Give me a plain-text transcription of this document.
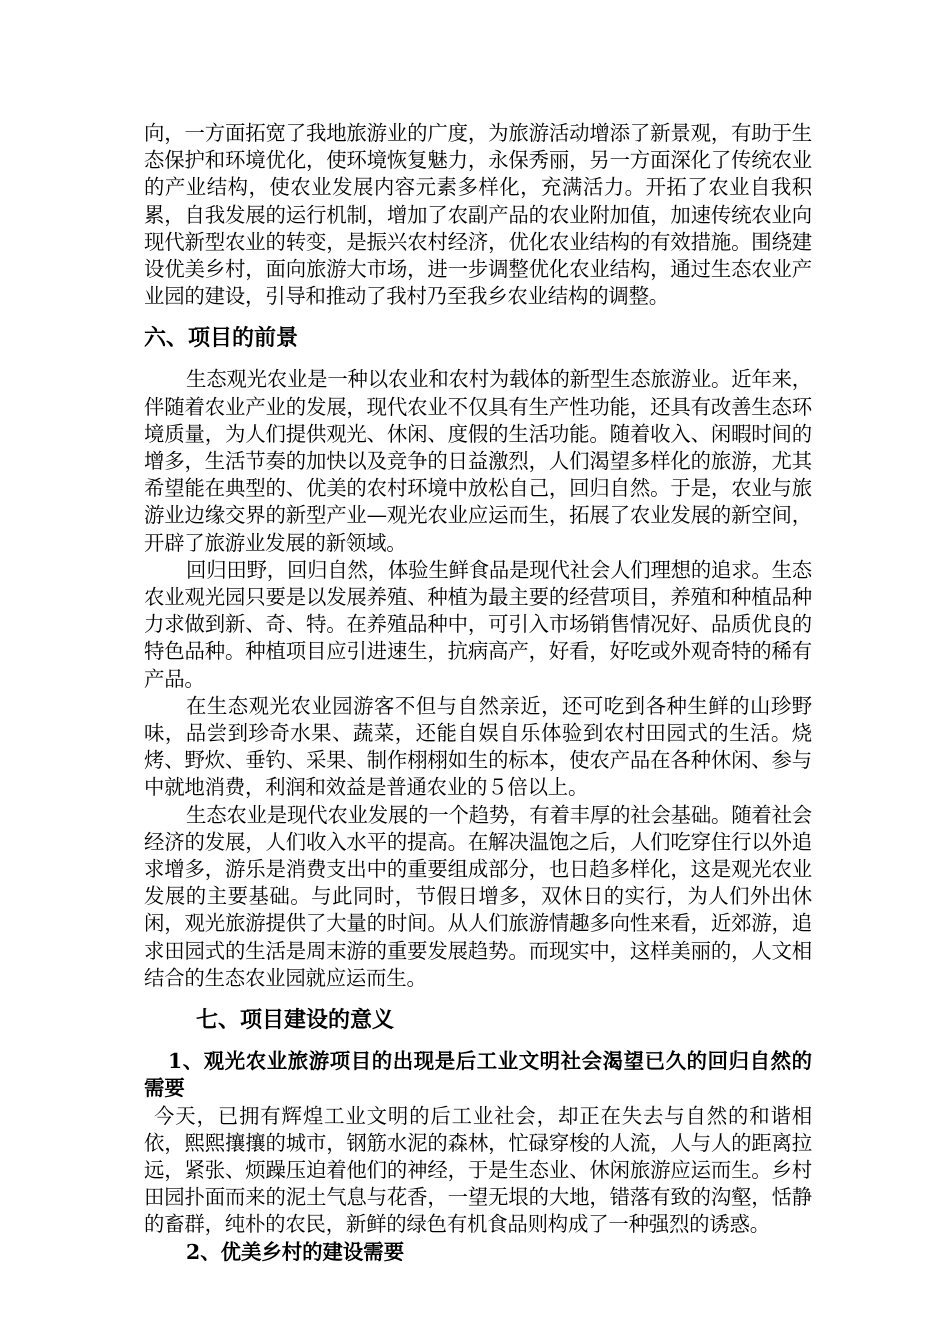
向，一方面拓宽了我地旅游业的广度，为旅游活动增添了新景观，有助于生态保护和环境优化，使环境恢复魅力，永保秀丽，另一方面深化了传统农业的产业结构，使农业发展内容元素多样化，充满活力。开拓了农业自我积累，自我发展的运行机制，增加了农副产品的农业附加值，加速传统农业向现代新型农业的转变，是振兴农村经济，优化农业结构的有效措施。围绕建设优美乡村，面向旅游大市场，进一步调整优化农业结构，通过生态农业产业园的建设，引导和推动了我村乃至我乡农业结构的调整。

六、项目的前景

生态观光农业是一种以农业和农村为载体的新型生态旅游业。近年来，伴随着农业产业的发展，现代农业不仅具有生产性功能，还具有改善生态环境质量，为人们提供观光、休闲、度假的生活功能。随着收入、闲暇时间的增多，生活节奏的加快以及竞争的日益激烈，人们渴望多样化的旅游，尤其希望能在典型的、优美的农村环境中放松自己，回归自然。于是，农业与旅游业边缘交界的新型产业—观光农业应运而生，拓展了农业发展的新空间，开辟了旅游业发展的新领域。

回归田野，回归自然，体验生鲜食品是现代社会人们理想的追求。生态农业观光园只要是以发展养殖、种植为最主要的经营项目，养殖和种植品种力求做到新、奇、特。在养殖品种中，可引入市场销售情况好、品质优良的特色品种。种植项目应引进速生，抗病高产，好看，好吃或外观奇特的稀有产品。

在生态观光农业园游客不但与自然亲近，还可吃到各种生鲜的山珍野味，品尝到珍奇水果、蔬菜，还能自娱自乐体验到农村田园式的生活。烧烤、野炊、垂钓、采果、制作栩栩如生的标本，使农产品在各种休闲、参与中就地消费，利润和效益是普通农业的５倍以上。

生态农业是现代农业发展的一个趋势，有着丰厚的社会基础。随着社会经济的发展，人们收入水平的提高。在解决温饱之后，人们吃穿住行以外追求增多，游乐是消费支出中的重要组成部分，也日趋多样化，这是观光农业发展的主要基础。与此同时，节假日增多，双休日的实行，为人们外出休闲，观光旅游提供了大量的时间。从人们旅游情趣多向性来看，近郊游，追求田园式的生活是周末游的重要发展趋势。而现实中，这样美丽的，人文相结合的生态农业园就应运而生。

七、项目建设的意义
1、观光农业旅游项目的出现是后工业文明社会渴望已久的回归自然的需要

今天，已拥有辉煌工业文明的后工业社会，却正在失去与自然的和谐相依，熙熙攘攘的城市，钢筋水泥的森林，忙碌穿梭的人流，人与人的距离拉远，紧张、烦躁压迫着他们的神经，于是生态业、休闲旅游应运而生。乡村田园扑面而来的泥土气息与花香，一望无垠的大地，错落有致的沟壑，恬静的畜群，纯朴的农民，新鲜的绿色有机食品则构成了一种强烈的诱惑。

2、优美乡村的建设需要
